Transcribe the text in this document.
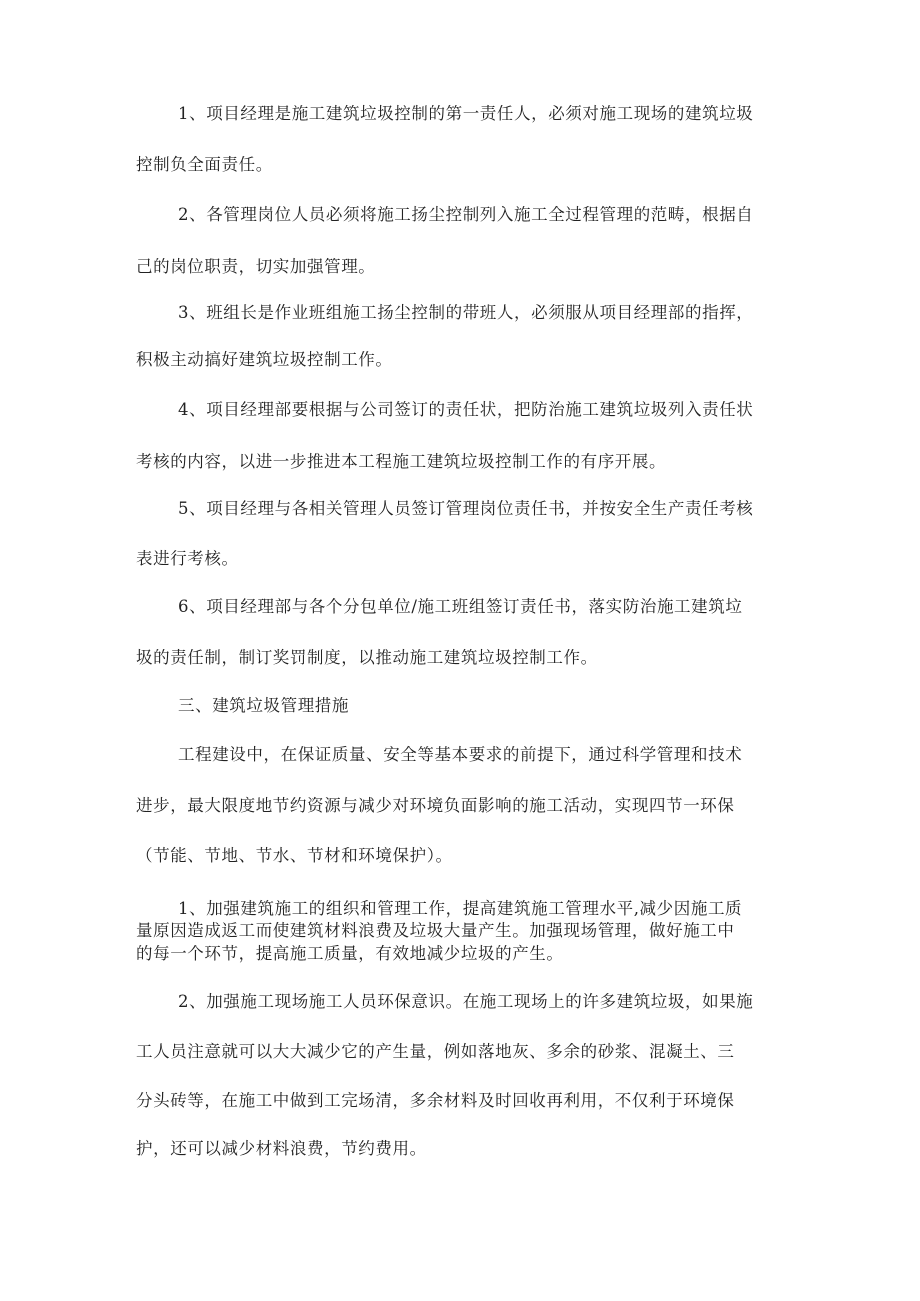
1、项目经理是施工建筑垃圾控制的第一责任人，必须对施工现场的建筑垃圾
控制负全面责任。
2、各管理岗位人员必须将施工扬尘控制列入施工全过程管理的范畴，根据自
己的岗位职责，切实加强管理。
3、班组长是作业班组施工扬尘控制的带班人，必须服从项目经理部的指挥，
积极主动搞好建筑垃圾控制工作。
4、项目经理部要根据与公司签订的责任状，把防治施工建筑垃圾列入责任状
考核的内容，以进一步推进本工程施工建筑垃圾控制工作的有序开展。
5、项目经理与各相关管理人员签订管理岗位责任书，并按安全生产责任考核
表进行考核。
6、项目经理部与各个分包单位/施工班组签订责任书，落实防治施工建筑垃
圾的责任制，制订奖罚制度，以推动施工建筑垃圾控制工作。
三、建筑垃圾管理措施
工程建设中，在保证质量、安全等基本要求的前提下，通过科学管理和技术
进步，最大限度地节约资源与减少对环境负面影响的施工活动，实现四节一环保
（节能、节地、节水、节材和环境保护）。
1、加强建筑施工的组织和管理工作，提高建筑施工管理水平,减少因施工质
量原因造成返工而使建筑材料浪费及垃圾大量产生。加强现场管理，做好施工中
的每一个环节，提高施工质量，有效地减少垃圾的产生。
2、加强施工现场施工人员环保意识。在施工现场上的许多建筑垃圾，如果施
工人员注意就可以大大减少它的产生量，例如落地灰、多余的砂浆、混凝土、三
分头砖等，在施工中做到工完场清，多余材料及时回收再利用，不仅利于环境保
护，还可以减少材料浪费，节约费用。
